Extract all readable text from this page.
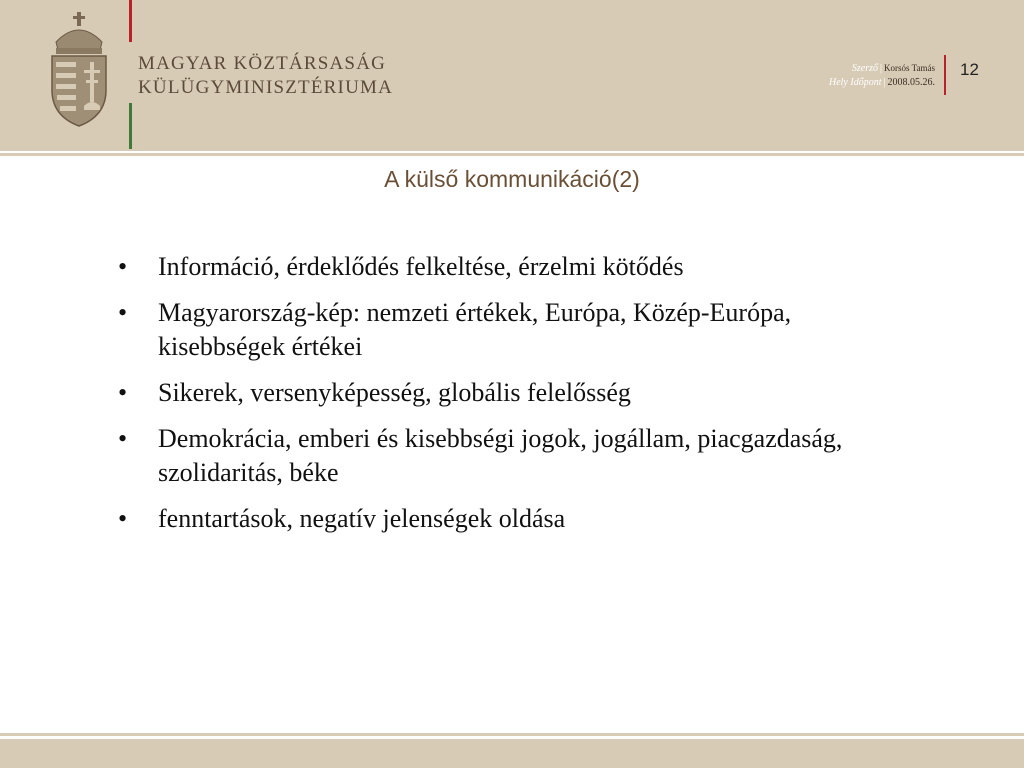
MAGYAR KÖZTÁRSASÁG
KÜLÜGYMINISZTÉRIUMA
Szerző | Korsós Tamás
Hely Időpont | 2008.05.26.
12
A külső kommunikáció(2)
• Információ, érdeklődés felkeltése, érzelmi kötődés
• Magyarország-kép: nemzeti értékek, Európa, Közép-Európa, kisebbségek értékei
• Sikerek, versenyképesség, globális felelősség
• Demokrácia, emberi és kisebbségi jogok, jogállam, piacgazdaság, szolidaritás, béke
• fenntartások, negatív jelenségek oldása
